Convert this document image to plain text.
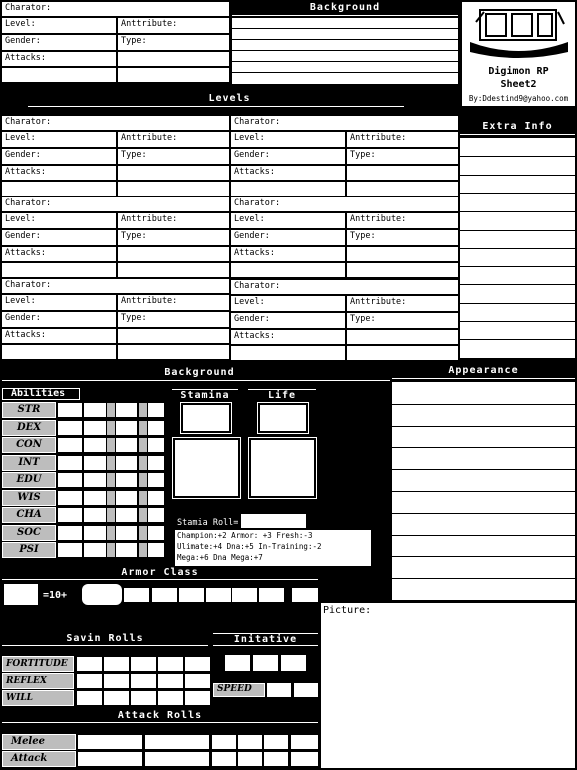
Charator:
Level:	Anttribute:
Gender:	Type:
Attacks:
Background
Digimon RP
Sheet2
By:Ddestind9@yahoo.com
Levels
Charator:
Level:	Anttribute:
Gender:	Type:
Attacks:
Charator:
Level:	Anttribute:
Gender:	Type:
Attacks:
Charator:
Level:	Anttribute:
Gender:	Type:
Attacks:
Charator:
Level:	Anttribute:
Gender:	Type:
Attacks:
Charator:
Level:	Anttribute:
Gender:	Type:
Attacks:
Charator:
Level:	Anttribute:
Gender:	Type:
Attacks:
Extra Info
Background	Appearance
Abilities
STR
DEX
CON
INT
EDU
WIS
CHA
SOC
PSI
Stamina	Life
Stamia Roll=
Champion:+2 Armor: +3 Fresh:-3
Ulimate:+4 Dna:+5 In-Training:-2
Mega:+6 Dna Mega:+7
Armor Class
=10+
Picture:
Savin Rolls
FORTITUDE
REFLEX
WILL
Initative
SPEED
Attack Rolls
Melee
Attack
